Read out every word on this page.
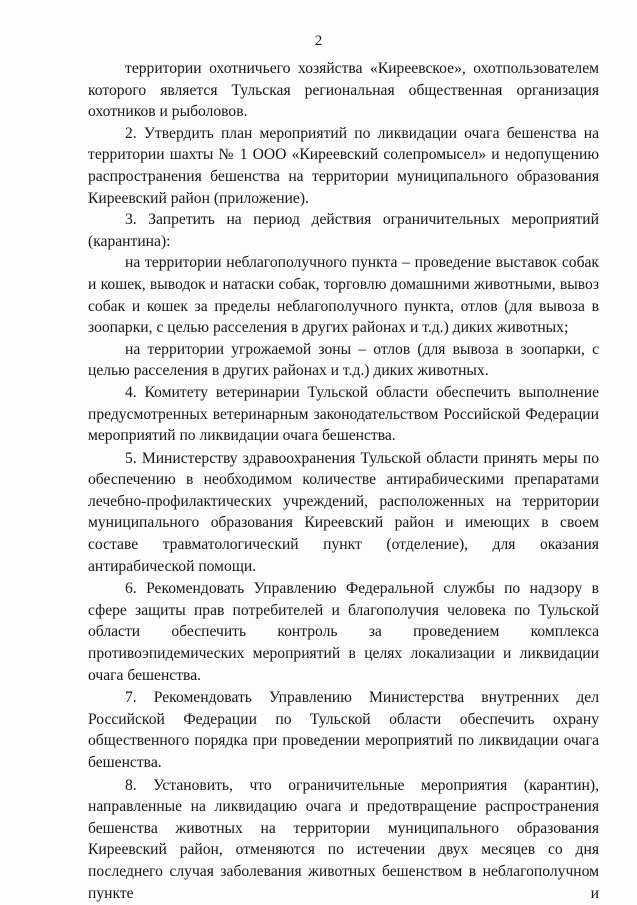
2

территории охотничьего хозяйства «Киреевское», охотпользователем которого является Тульская региональная общественная организация охотников и рыболовов.

2. Утвердить план мероприятий по ликвидации очага бешенства на территории шахты № 1 ООО «Киреевский солепромысел» и недопущению распространения бешенства на территории муниципального образования Киреевский район (приложение).

3. Запретить на период действия ограничительных мероприятий (карантина):

на территории неблагополучного пункта – проведение выставок собак и кошек, выводок и натаски собак, торговлю домашними животными, вывоз собак и кошек за пределы неблагополучного пункта, отлов (для вывоза в зоопарки, с целью расселения в других районах и т.д.) диких животных;

на территории угрожаемой зоны – отлов (для вывоза в зоопарки, с целью расселения в других районах и т.д.) диких животных.

4. Комитету ветеринарии Тульской области обеспечить выполнение предусмотренных ветеринарным законодательством Российской Федерации мероприятий по ликвидации очага бешенства.

5. Министерству здравоохранения Тульской области принять меры по обеспечению в необходимом количестве антирабическими препаратами лечебно-профилактических учреждений, расположенных на территории муниципального образования Киреевский район и имеющих в своем составе травматологический пункт (отделение), для оказания антирабической помощи.

6. Рекомендовать Управлению Федеральной службы по надзору в сфере защиты прав потребителей и благополучия человека по Тульской области обеспечить контроль за проведением комплекса противоэпидемических мероприятий в целях локализации и ликвидации очага бешенства.

7. Рекомендовать Управлению Министерства внутренних дел Российской Федерации по Тульской области обеспечить охрану общественного порядка при проведении мероприятий по ликвидации очага бешенства.

8. Установить, что ограничительные мероприятия (карантин), направленные на ликвидацию очага и предотвращение распространения бешенства животных на территории муниципального образования Киреевский район, отменяются по истечении двух месяцев со дня последнего случая заболевания животных бешенством в неблагополучном пункте и
